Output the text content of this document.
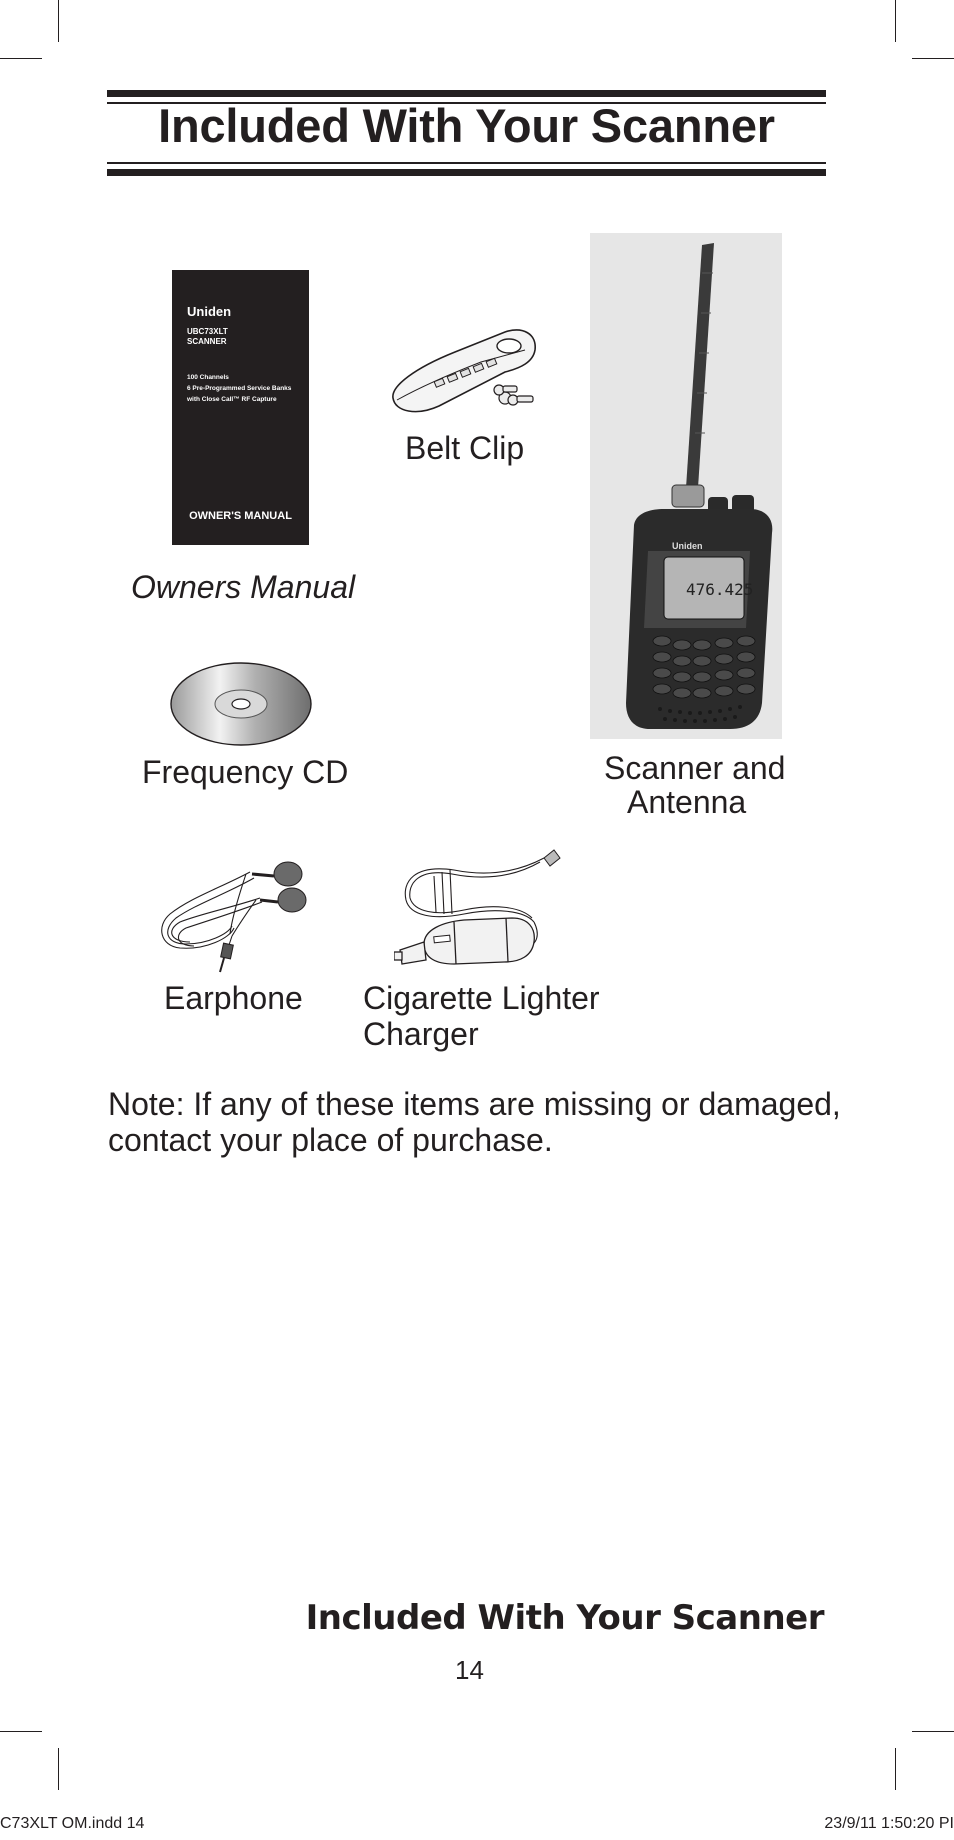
Included With Your Scanner
Uniden
UBC73XLT
SCANNER
100 Channels
6 Pre-Programmed Service Banks
with Close Call™ RF Capture
OWNER'S MANUAL
Owners Manual
Belt Clip
Frequency CD
Uniden
476.425
Scanner and
Antenna
Earphone Cigarette Lighter
Charger
Note: If any of these items are missing or damaged, contact your place of purchase.
Included With Your Scanner
14
C73XLT OM.indd 14	23/9/11 1:50:20 PI
